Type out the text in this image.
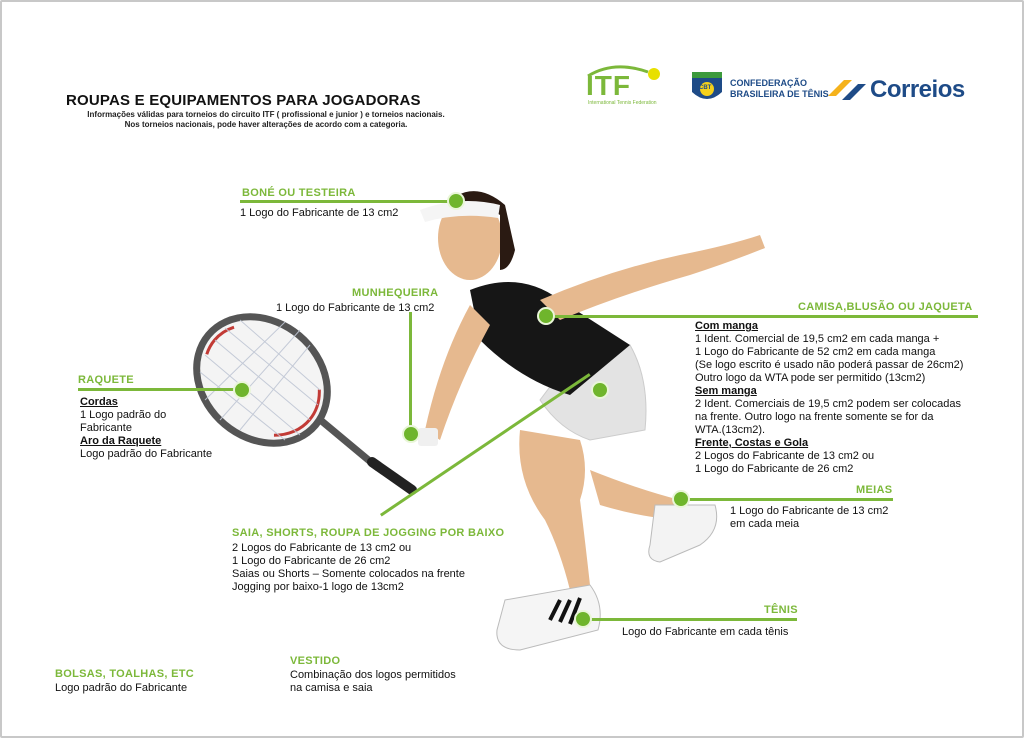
ROUPAS E EQUIPAMENTOS PARA JOGADORAS
Informações válidas para torneios do circuito ITF ( profissional e junior ) e torneios nacionais.
Nos torneios nacionais, pode haver alterações de acordo com a categoria.
ITF
International Tennis Federation
CBT CONFEDERAÇÃO
BRASILEIRA DE TÊNIS Correios
BONÉ OU TESTEIRA
1 Logo do Fabricante de 13 cm2
MUNHEQUEIRA
1 Logo do Fabricante de 13 cm2
RAQUETE
Cordas
1 Logo padrão do
Fabricante
Aro da Raquete
Logo padrão do Fabricante
CAMISA,BLUSÃO OU JAQUETA
Com manga
1 Ident. Comercial de 19,5 cm2 em cada manga +
1 Logo do Fabricante de 52 cm2 em cada manga
(Se logo escrito é usado não poderá passar de 26cm2)
Outro logo da WTA pode ser permitido (13cm2)
Sem manga
2 Ident. Comerciais de 19,5 cm2 podem ser colocadas
na frente. Outro logo na frente somente se for da
WTA.(13cm2).
Frente, Costas e Gola
2 Logos do Fabricante de 13 cm2 ou
1 Logo do Fabricante de 26 cm2
MEIAS
1 Logo do Fabricante de 13 cm2
em cada meia
SAIA, SHORTS, ROUPA DE JOGGING POR BAIXO
2 Logos do Fabricante de 13 cm2 ou
1 Logo do Fabricante de 26 cm2
Saias ou Shorts – Somente colocados na frente
Jogging por baixo-1 logo de 13cm2
TÊNIS
Logo do Fabricante em cada tênis
BOLSAS, TOALHAS, ETC
Logo padrão do Fabricante
VESTIDO
Combinação dos logos permitidos
na camisa e saia
